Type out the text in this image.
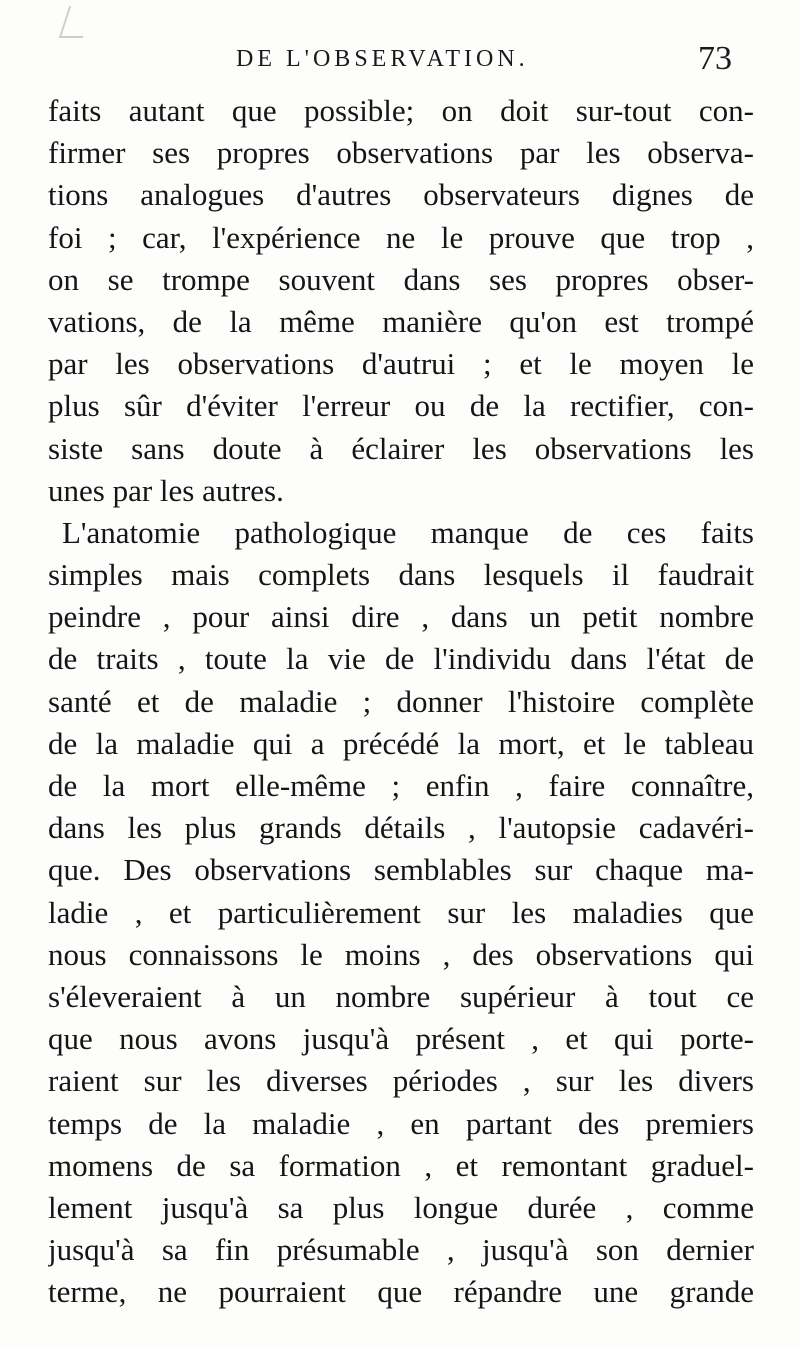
DE L'OBSERVATION.	73
faits autant que possible; on doit sur-tout con-
firmer ses propres observations par les observa-
tions analogues d'autres observateurs dignes de
foi ; car, l'expérience ne le prouve que trop ,
on se trompe souvent dans ses propres obser-
vations, de la même manière qu'on est trompé
par les observations d'autrui ; et le moyen le
plus sûr d'éviter l'erreur ou de la rectifier, con-
siste sans doute à éclairer les observations les
unes par les autres.
L'anatomie pathologique manque de ces faits
simples mais complets dans lesquels il faudrait
peindre , pour ainsi dire , dans un petit nombre
de traits , toute la vie de l'individu dans l'état de
santé et de maladie ; donner l'histoire complète
de la maladie qui a précédé la mort, et le tableau
de la mort elle-même ; enfin , faire connaître,
dans les plus grands détails , l'autopsie cadavéri-
que. Des observations semblables sur chaque ma-
ladie , et particulièrement sur les maladies que
nous connaissons le moins , des observations qui
s'éleveraient à un nombre supérieur à tout ce
que nous avons jusqu'à présent , et qui porte-
raient sur les diverses périodes , sur les divers
temps de la maladie , en partant des premiers
momens de sa formation , et remontant graduel-
lement jusqu'à sa plus longue durée , comme
jusqu'à sa fin présumable , jusqu'à son dernier
terme, ne pourraient que répandre une grande
